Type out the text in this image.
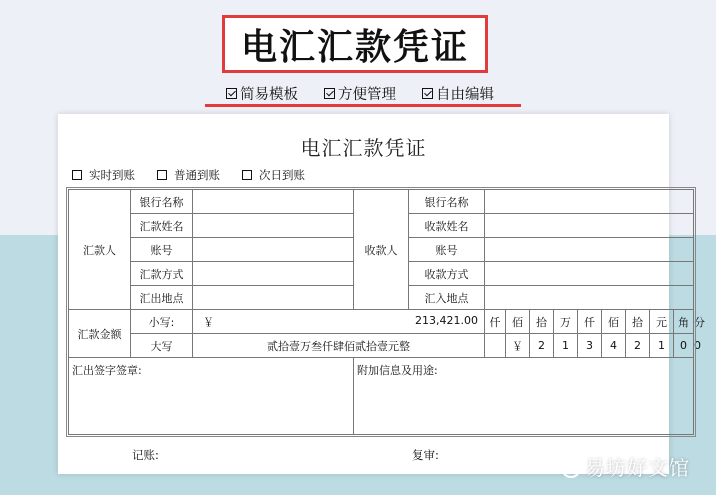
电汇汇款凭证
简易模板	方便管理	自由编辑
电汇汇款凭证
实时到账	普通到账	次日到账
汇款人	银行名称		收款人	银行名称										
	汇款姓名			收款姓名										
	账号			账号										
	汇款方式			收款方式										
	汇出地点			汇入地点										
汇款金额	小写:	￥ 213,421.00			仟	佰	拾	万	仟	佰	拾	元	角	分
	大写	贰拾壹万叁仟肆佰贰拾壹元整				￥	2	1	3	4	2	1	0	0
汇出签字签章:			附加信息及用途:											
记账:	复审:
易坊好文馆
